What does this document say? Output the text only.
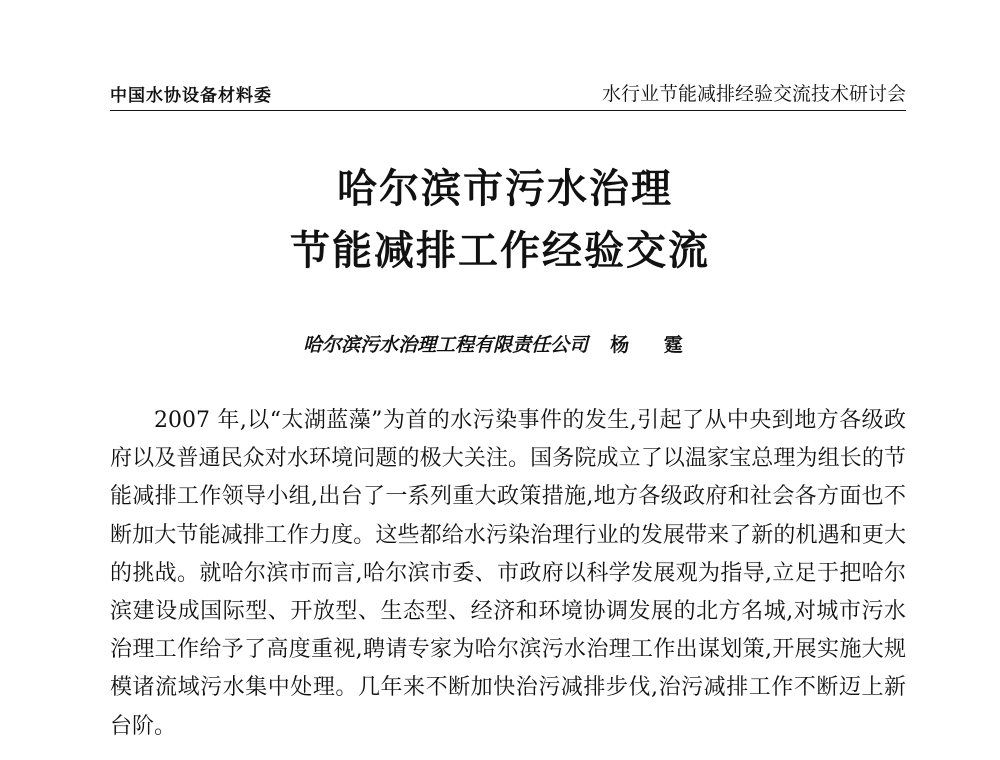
中国水协设备材料委	水行业节能减排经验交流技术研讨会
哈尔滨市污水治理
节能减排工作经验交流
哈尔滨污水治理工程有限责任公司 杨 霆

2007 年,以“太湖蓝藻”为首的水污染事件的发生,引起了从中央到地方各级政府以及普通民众对水环境问题的极大关注。国务院成立了以温家宝总理为组长的节能减排工作领导小组,出台了一系列重大政策措施,地方各级政府和社会各方面也不断加大节能减排工作力度。这些都给水污染治理行业的发展带来了新的机遇和更大的挑战。就哈尔滨市而言,哈尔滨市委、市政府以科学发展观为指导,立足于把哈尔滨建设成国际型、开放型、生态型、经济和环境协调发展的北方名城,对城市污水治理工作给予了高度重视,聘请专家为哈尔滨污水治理工作出谋划策,开展实施大规模诸流域污水集中处理。几年来不断加快治污减排步伐,治污减排工作不断迈上新台阶。
